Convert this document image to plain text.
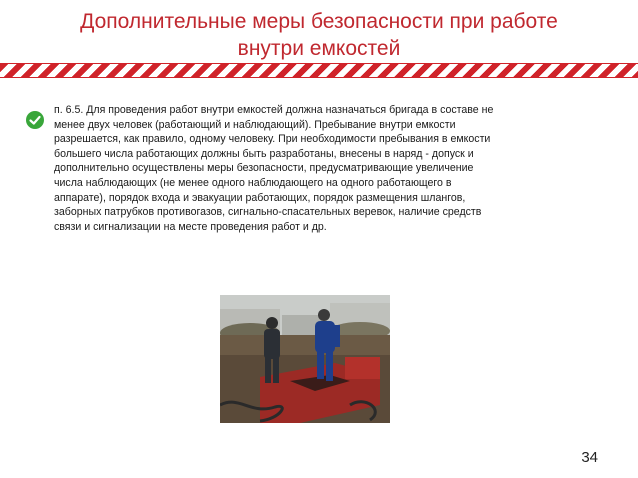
Дополнительные меры безопасности при работе
внутри емкостей
п. 6.5. Для проведения работ внутри емкостей должна назначаться бригада в составе не
менее двух человек (работающий и наблюдающий). Пребывание внутри емкости
разрешается, как правило, одному человеку. При необходимости пребывания в емкости
большего числа работающих должны быть разработаны, внесены в наряд - допуск и
дополнительно осуществлены меры безопасности, предусматривающие увеличение
числа наблюдающих (не менее одного наблюдающего на одного работающего в
аппарате), порядок входа и эвакуации работающих, порядок размещения шлангов,
заборных патрубков противогазов, сигнально-спасательных веревок, наличие средств
связи и сигнализации на месте проведения работ и др.
34
